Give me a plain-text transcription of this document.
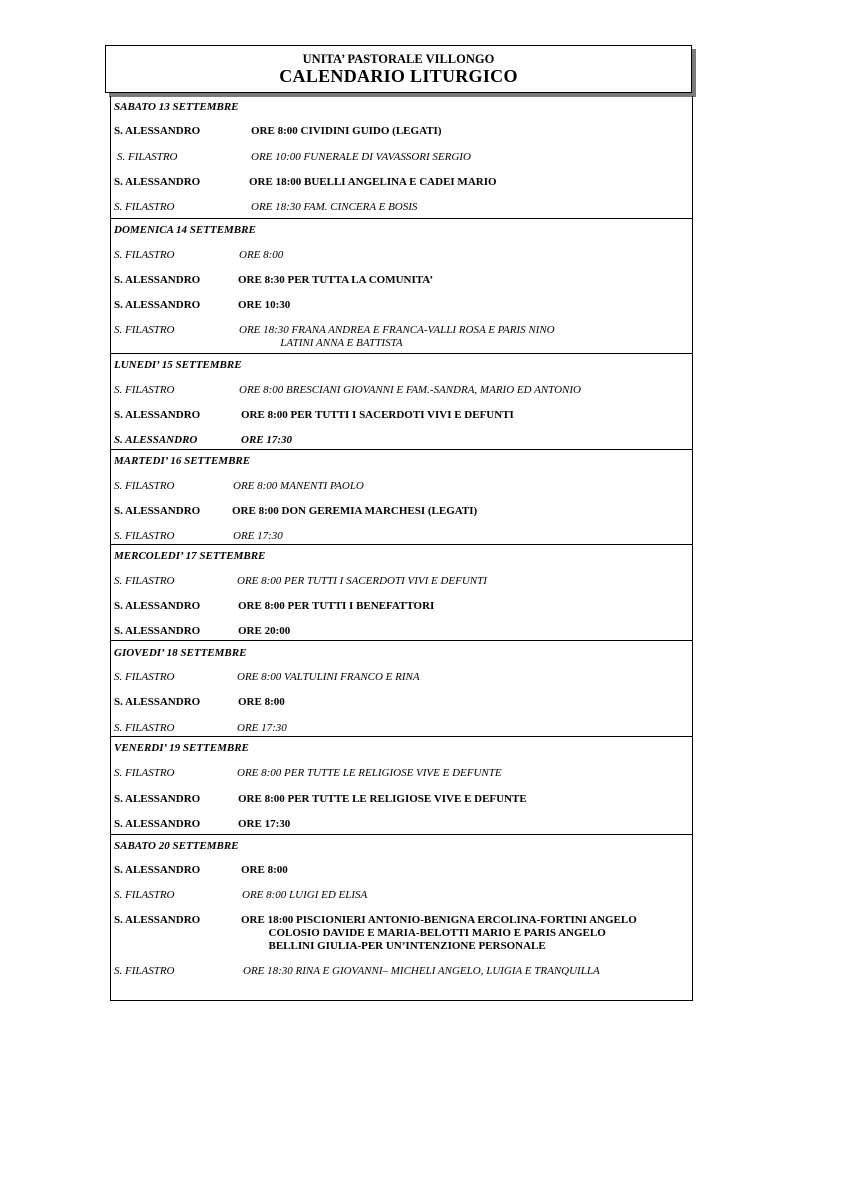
UNITA’ PASTORALE VILLONGO
CALENDARIO LITURGICO
SABATO 13 SETTEMBRE
S. ALESSANDRO	ORE 8:00 CIVIDINI GUIDO (LEGATI)
S. FILASTRO	ORE 10:00 FUNERALE DI VAVASSORI SERGIO
S. ALESSANDRO	ORE 18:00 BUELLI ANGELINA E CADEI MARIO
S. FILASTRO	ORE 18:30 FAM. CINCERA E BOSIS
DOMENICA 14 SETTEMBRE
S. FILASTRO	ORE 8:00
S. ALESSANDRO	ORE 8:30 PER TUTTA LA COMUNITA’
S. ALESSANDRO	ORE 10:30
S. FILASTRO	ORE 18:30 FRANA ANDREA E FRANCA-VALLI ROSA E PARIS NINO
LATINI ANNA E BATTISTA
LUNEDI’ 15 SETTEMBRE
S. FILASTRO	ORE 8:00 BRESCIANI GIOVANNI E FAM.-SANDRA, MARIO ED ANTONIO
S. ALESSANDRO	ORE 8:00 PER TUTTI I SACERDOTI VIVI E DEFUNTI
S. ALESSANDRO	ORE 17:30
MARTEDI’ 16 SETTEMBRE
S. FILASTRO	ORE 8:00 MANENTI PAOLO
S. ALESSANDRO	ORE 8:00 DON GEREMIA MARCHESI (LEGATI)
S. FILASTRO	ORE 17:30
MERCOLEDI’ 17 SETTEMBRE
S. FILASTRO	ORE 8:00 PER TUTTI I SACERDOTI VIVI E DEFUNTI
S. ALESSANDRO	ORE 8:00 PER TUTTI I BENEFATTORI
S. ALESSANDRO	ORE 20:00
GIOVEDI’ 18 SETTEMBRE
S. FILASTRO	ORE 8:00 VALTULINI FRANCO E RINA
S. ALESSANDRO	ORE 8:00
S. FILASTRO	ORE 17:30
VENERDI’ 19 SETTEMBRE
S. FILASTRO	ORE 8:00 PER TUTTE LE RELIGIOSE VIVE E DEFUNTE
S. ALESSANDRO	ORE 8:00 PER TUTTE LE RELIGIOSE VIVE E DEFUNTE
S. ALESSANDRO	ORE 17:30
SABATO 20 SETTEMBRE
S. ALESSANDRO	ORE 8:00
S. FILASTRO	ORE 8:00 LUIGI ED ELISA
S. ALESSANDRO	ORE 18:00 PISCIONIERI ANTONIO-BENIGNA ERCOLINA-FORTINI ANGELO
COLOSIO DAVIDE E MARIA-BELOTTI MARIO E PARIS ANGELO
BELLINI GIULIA-PER UN’INTENZIONE PERSONALE
S. FILASTRO	ORE 18:30 RINA E GIOVANNI– MICHELI ANGELO, LUIGIA E TRANQUILLA
